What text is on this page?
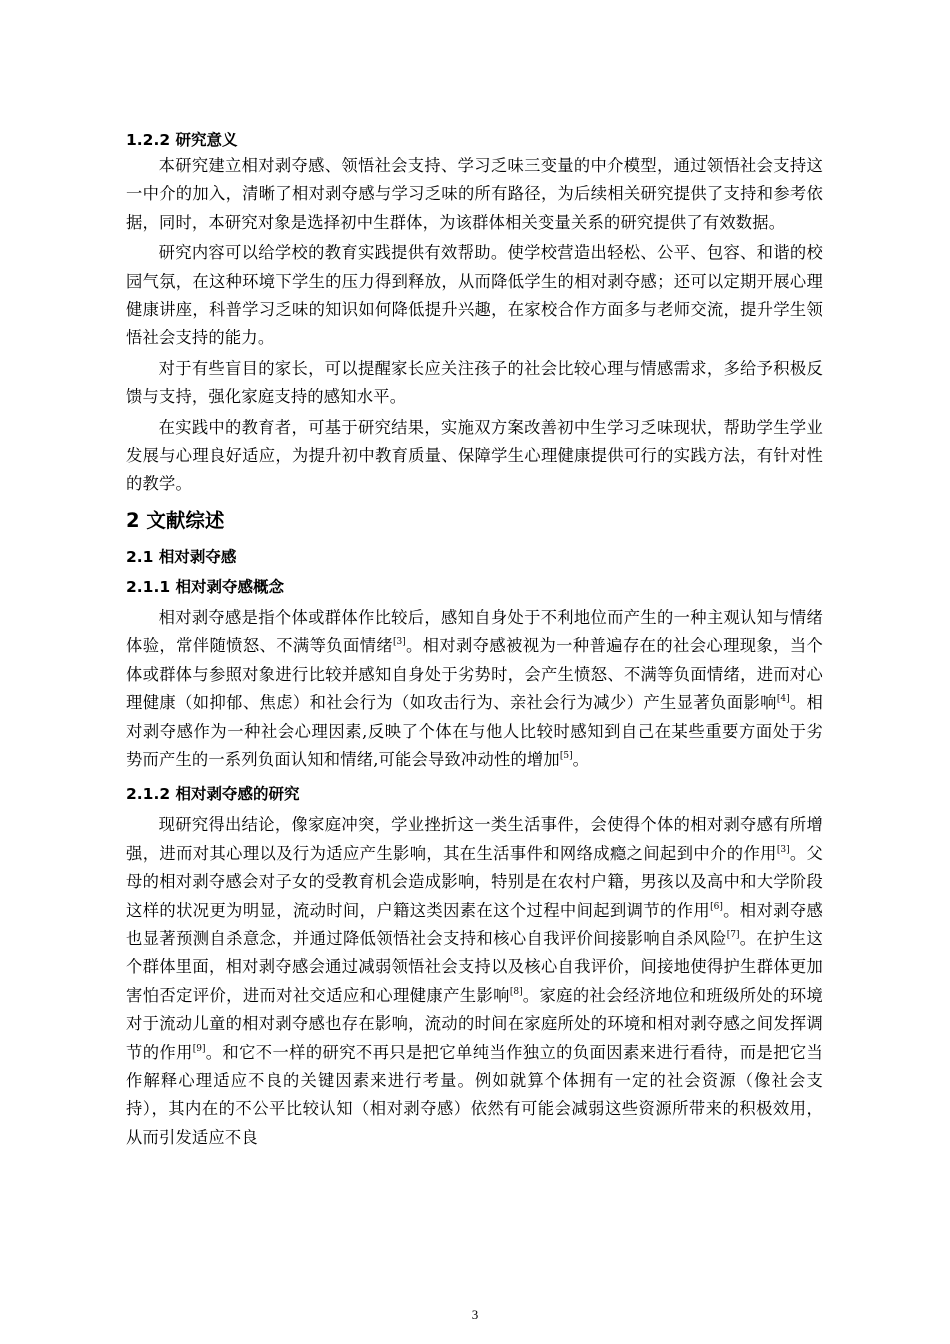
1.2.2 研究意义

本研究建立相对剥夺感、领悟社会支持、学习乏味三变量的中介模型，通过领悟社会支持这一中介的加入，清晰了相对剥夺感与学习乏味的所有路径，为后续相关研究提供了支持和参考依据，同时，本研究对象是选择初中生群体，为该群体相关变量关系的研究提供了有效数据。

研究内容可以给学校的教育实践提供有效帮助。使学校营造出轻松、公平、包容、和谐的校园气氛，在这种环境下学生的压力得到释放，从而降低学生的相对剥夺感；还可以定期开展心理健康讲座，科普学习乏味的知识如何降低提升兴趣，在家校合作方面多与老师交流，提升学生领悟社会支持的能力。

对于有些盲目的家长，可以提醒家长应关注孩子的社会比较心理与情感需求，多给予积极反馈与支持，强化家庭支持的感知水平。

在实践中的教育者，可基于研究结果，实施双方案改善初中生学习乏味现状，帮助学生学业发展与心理良好适应，为提升初中教育质量、保障学生心理健康提供可行的实践方法，有针对性的教学。

2 文献综述
2.1 相对剥夺感
2.1.1 相对剥夺感概念

相对剥夺感是指个体或群体作比较后，感知自身处于不利地位而产生的一种主观认知与情绪体验，常伴随愤怒、不满等负面情绪[3]。相对剥夺感被视为一种普遍存在的社会心理现象，当个体或群体与参照对象进行比较并感知自身处于劣势时，会产生愤怒、不满等负面情绪，进而对心理健康（如抑郁、焦虑）和社会行为（如攻击行为、亲社会行为减少）产生显著负面影响[4]。相对剥夺感作为一种社会心理因素,反映了个体在与他人比较时感知到自己在某些重要方面处于劣势而产生的一系列负面认知和情绪,可能会导致冲动性的增加[5]。

2.1.2 相对剥夺感的研究

现研究得出结论，像家庭冲突，学业挫折这一类生活事件，会使得个体的相对剥夺感有所增强，进而对其心理以及行为适应产生影响，其在生活事件和网络成瘾之间起到中介的作用[3]。父母的相对剥夺感会对子女的受教育机会造成影响，特别是在农村户籍，男孩以及高中和大学阶段这样的状况更为明显，流动时间，户籍这类因素在这个过程中间起到调节的作用[6]。相对剥夺感也显著预测自杀意念，并通过降低领悟社会支持和核心自我评价间接影响自杀风险[7]。在护生这个群体里面，相对剥夺感会通过减弱领悟社会支持以及核心自我评价，间接地使得护生群体更加害怕否定评价，进而对社交适应和心理健康产生影响[8]。家庭的社会经济地位和班级所处的环境对于流动儿童的相对剥夺感也存在影响，流动的时间在家庭所处的环境和相对剥夺感之间发挥调节的作用[9]。和它不一样的研究不再只是把它单纯当作独立的负面因素来进行看待，而是把它当作解释心理适应不良的关键因素来进行考量。例如就算个体拥有一定的社会资源（像社会支持），其内在的不公平比较认知（相对剥夺感）依然有可能会减弱这些资源所带来的积极效用，从而引发适应不良

3
